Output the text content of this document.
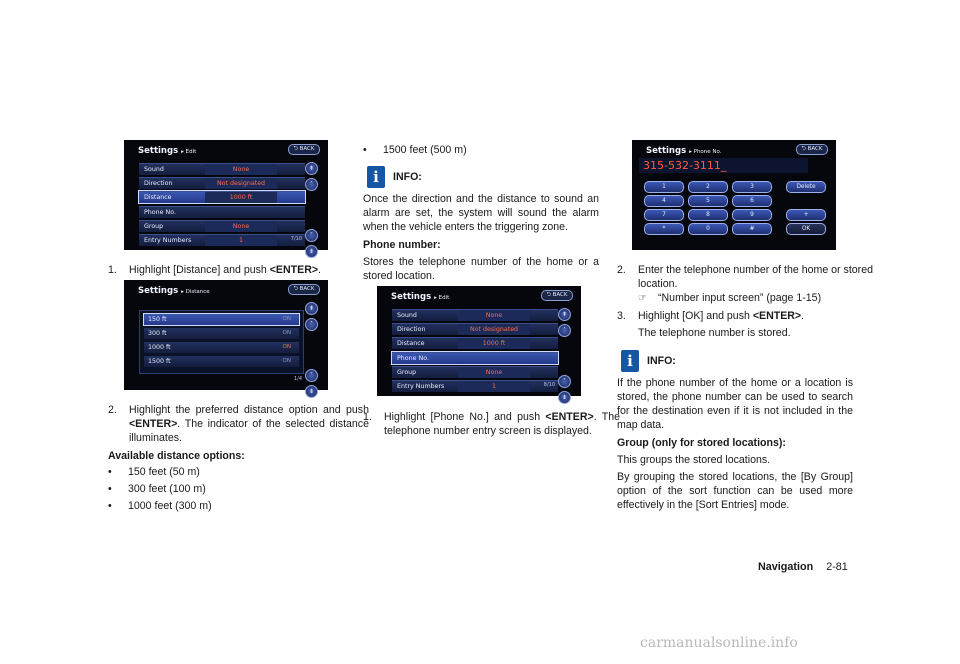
Settings ▸ Edit	⮌ BACK
Sound	None
Direction	Not designated
Distance	1000 ft
Phone No.
Group	None
Entry Numbers	1
⇞
˄
˅
⇟
7/10
Settings ▸ Distance	⮌ BACK
150 ft	ON
300 ft	ON
1000 ft	ON
1500 ft	ON
⇞
˄
˅
⇟
1/4
Settings ▸ Edit	⮌ BACK
Sound	None
Direction	Not designated
Distance	1000 ft
Phone No.
Group	None
Entry Numbers	1
⇞
˄
˅
⇟
8/10
Settings ▸ Phone No.	⮌ BACK
315-532-3111_
1	2	3	Delete
4	5	6
7	8	9	+
*	0	#	OK
1. Highlight [Distance] and push <ENTER>.
2. Highlight the preferred distance option and push <ENTER>. The indicator of the selected distance illuminates.

Available distance options:

• 150 feet (50 m)
• 300 feet (100 m)
• 1000 feet (300 m)
• 1500 feet (500 m)
i	INFO:

Once the direction and the distance to sound an alarm are set, the system will sound the alarm when the vehicle enters the triggering zone.

Phone number:

Stores the telephone number of the home or a stored location.

1. Highlight [Phone No.] and push <ENTER>. The telephone number entry screen is displayed.
2. Enter the telephone number of the home or stored location.
☞ “Number input screen” (page 1-15)
3. Highlight [OK] and push <ENTER>.

The telephone number is stored.

i	INFO:

If the phone number of the home or a location is stored, the phone number can be used to search for the destination even if it is not included in the map data.

Group (only for stored locations):

This groups the stored locations.

By grouping the stored locations, the [By Group] option of the sort function can be used more effectively in the [Sort Entries] mode.

Navigation 2-81
carmanualsonline.info
